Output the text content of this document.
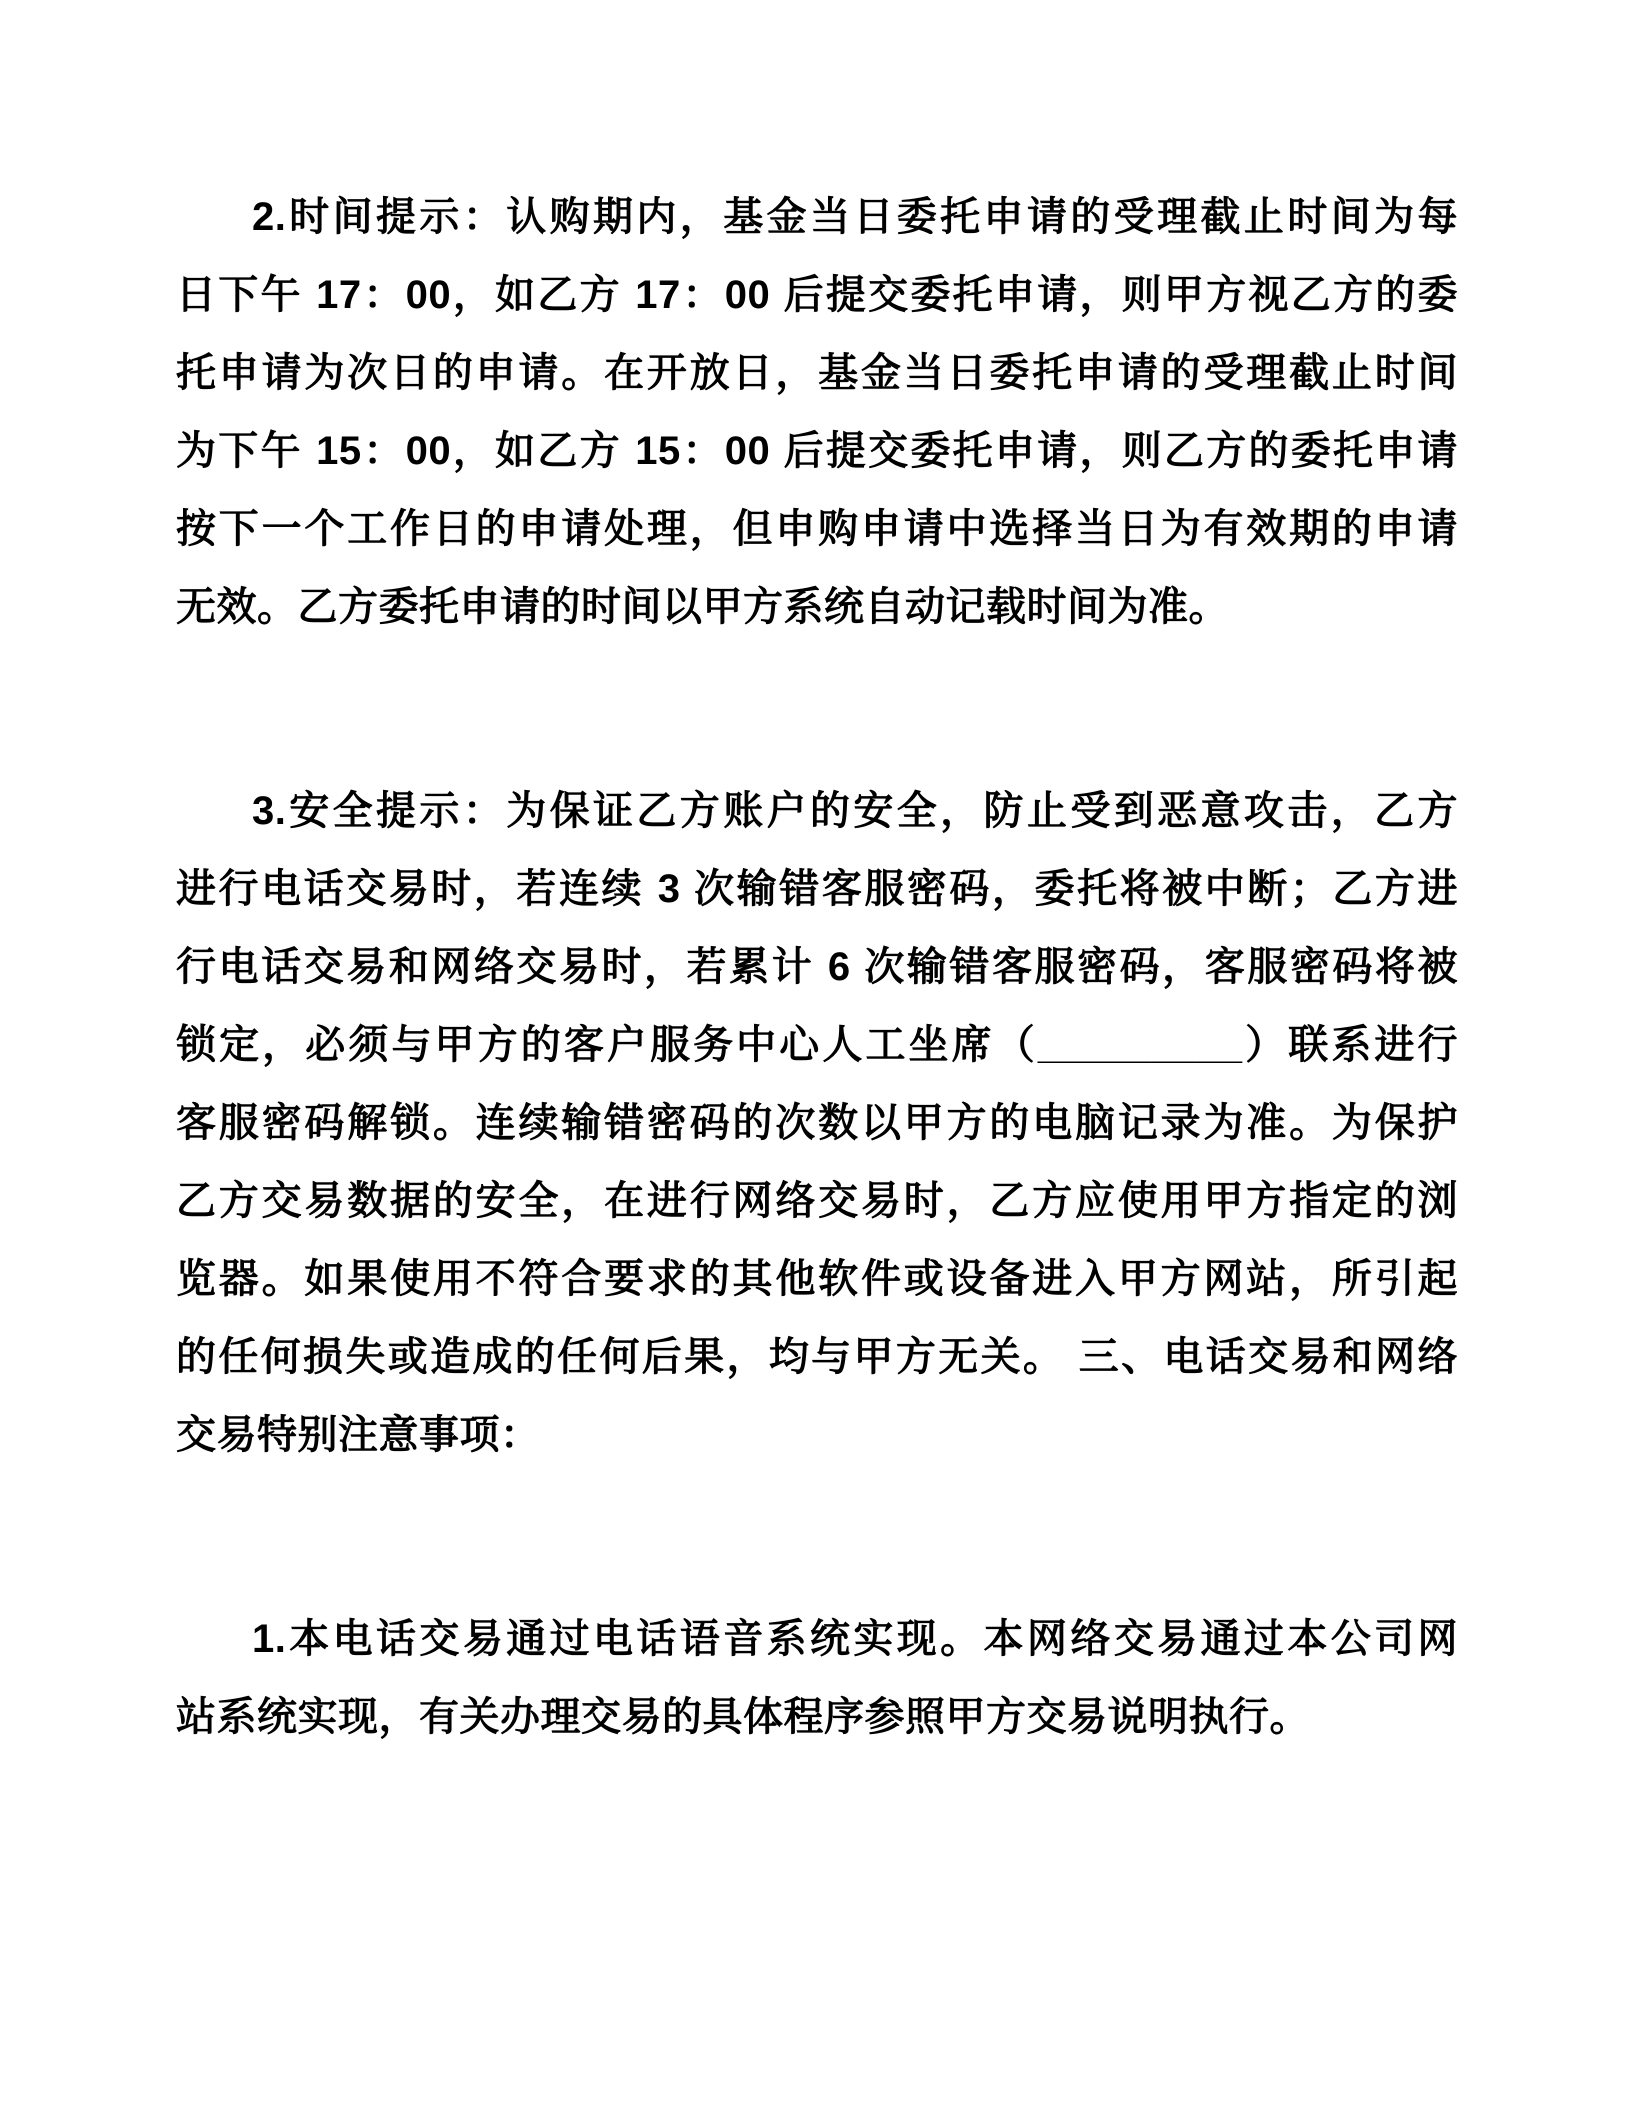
2.时间提示：认购期内，基金当日委托申请的受理截止时间为每
日下午 17：00，如乙方 17：00 后提交委托申请，则甲方视乙方的委
托申请为次日的申请。在开放日，基金当日委托申请的受理截止时间
为下午 15：00，如乙方 15：00 后提交委托申请，则乙方的委托申请
按下一个工作日的申请处理，但申购申请中选择当日为有效期的申请
无效。乙方委托申请的时间以甲方系统自动记载时间为准。
3.安全提示：为保证乙方账户的安全，防止受到恶意攻击，乙方
进行电话交易时，若连续 3 次输错客服密码，委托将被中断；乙方进
行电话交易和网络交易时，若累计 6 次输错客服密码，客服密码将被
锁定，必须与甲方的客户服务中心人工坐席（_________）联系进行
客服密码解锁。连续输错密码的次数以甲方的电脑记录为准。为保护
乙方交易数据的安全，在进行网络交易时，乙方应使用甲方指定的浏
览器。如果使用不符合要求的其他软件或设备进入甲方网站，所引起
的任何损失或造成的任何后果，均与甲方无关。 三、电话交易和网络
交易特别注意事项：
1.本电话交易通过电话语音系统实现。本网络交易通过本公司网
站系统实现，有关办理交易的具体程序参照甲方交易说明执行。
